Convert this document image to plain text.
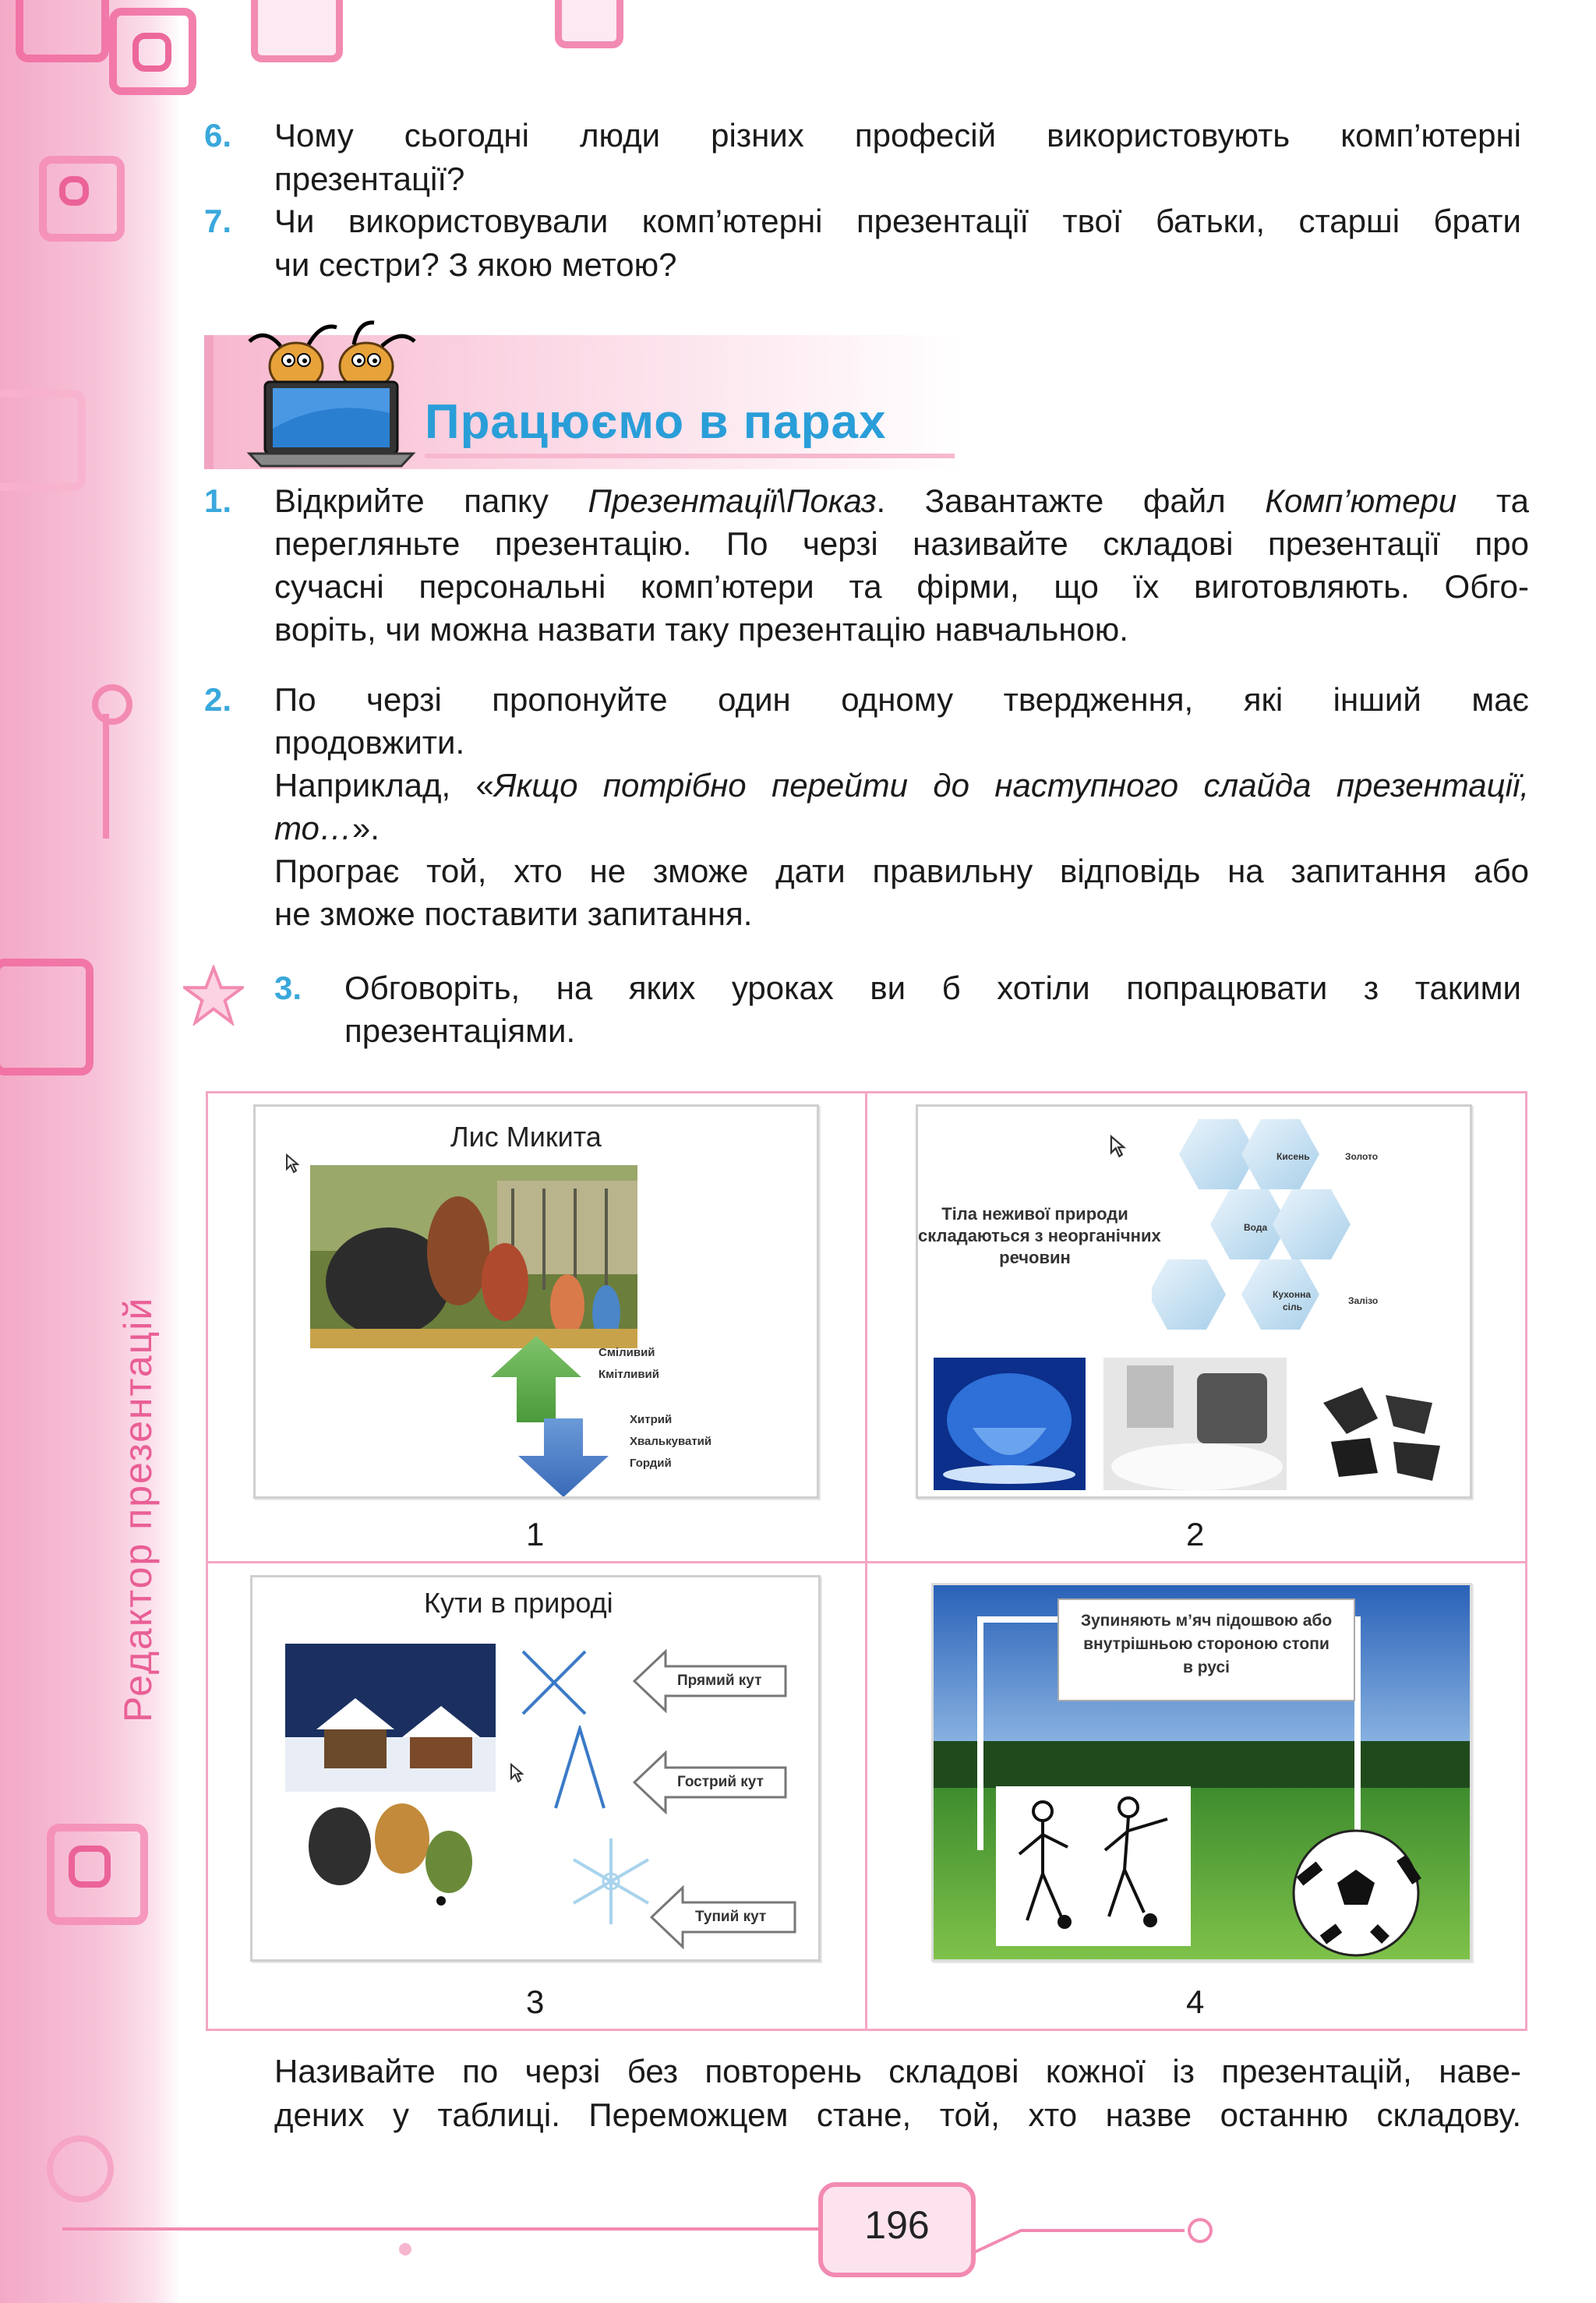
Редактор презентацій
6. Чому сьогодні люди різних професій використовують комп’ютерні
презентації?
7. Чи використовували комп’ютерні презентації твої батьки, старші брати
чи сестри? З якою метою?
Працюємо в парах
1. Відкрийте папку Презентації\Показ. Завантажте файл Комп’ютери та
перегляньте презентацію. По черзі називайте складові презентації про
сучасні персональні комп’ютери та фірми, що їх виготовляють. Обго-
воріть, чи можна назвати таку презентацію навчальною.
2. По черзі пропонуйте один одному твердження, які інший має
продовжити.
Наприклад, «Якщо потрібно перейти до наступного слайда презентації,
то…».
Програє той, хто не зможе дати правильну відповідь на запитання або
не зможе поставити запитання.
3. Обговоріть, на яких уроках ви б хотіли попрацювати з такими
презентаціями.
Лис Микита
Сміливий
Кмітливий
Хитрий
Хвалькуватий
Гордий
1
Кисень	Золото
Вода
Кухонна
сіль
Залізо
Тіла неживої природи
складаються з неорганічних
речовин
2
Кути в природі
Прямий кут
Гострий кут
Тупий кут
3
Зупиняють м’яч підошвою або
внутрішньою стороною стопи
в русі
4
Називайте по черзі без повторень складові кожної із презентацій, наве-
дених у таблиці. Переможцем стане, той, хто назве останню складову.
196
